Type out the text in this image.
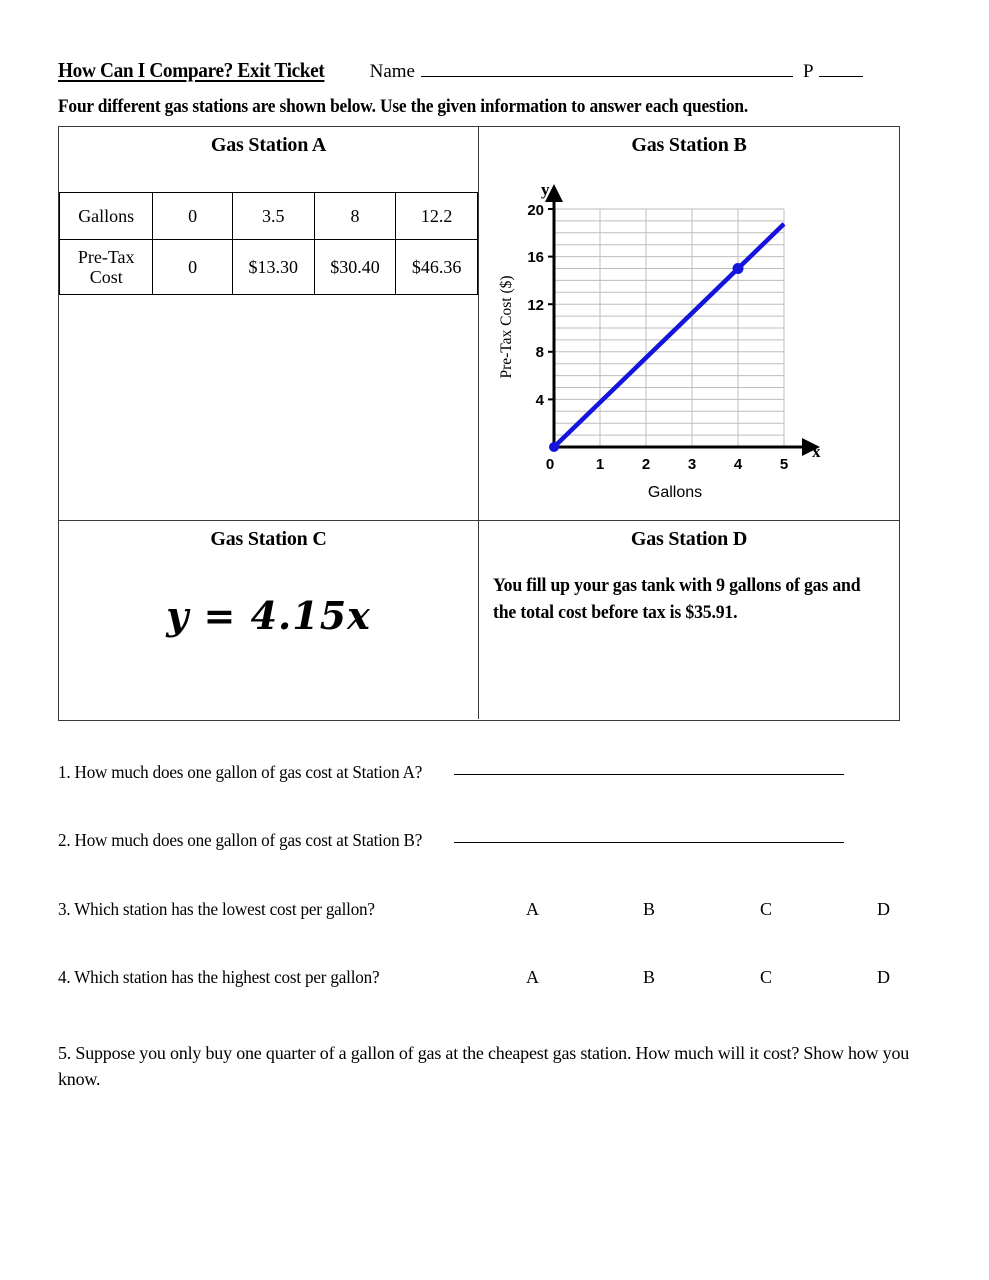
How Can I Compare? Exit Ticket Name	P
Four different gas stations are shown below. Use the given information to answer each question.
Gas Station A
Gallons	0	3.5	8	12.2
Pre-Tax Cost	0	$13.30	$30.40	$46.36
Gas Station B
y
x
4
8
12
16
20
0	1	2	3	4	5
Pre-Tax Cost ($)
Gallons
Gas Station C
y = 4.15x
Gas Station D
You fill up your gas tank with 9 gallons of gas and the total cost before tax is $35.91.
1. How much does one gallon of gas cost at Station A?
2. How much does one gallon of gas cost at Station B?
3. Which station has the lowest cost per gallon?	A	B	C	D
4. Which station has the highest cost per gallon?	A	B	C	D
5. Suppose you only buy one quarter of a gallon of gas at the cheapest gas station. How much will it cost? Show how you know.
